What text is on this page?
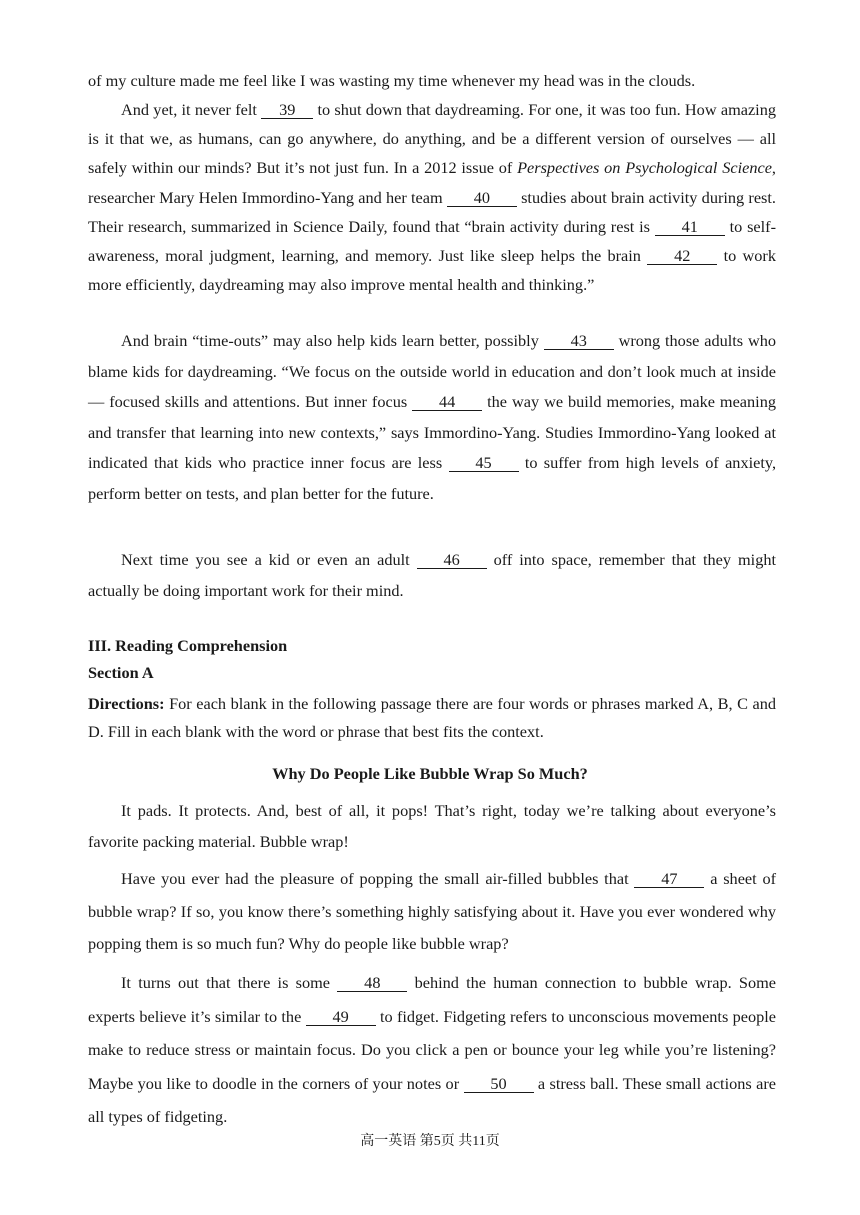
of my culture made me feel like I was wasting my time whenever my head was in the clouds.

And yet, it never felt 39 to shut down that daydreaming. For one, it was too fun. How amazing is it that we, as humans, can go anywhere, do anything, and be a different version of ourselves — all safely within our minds? But it’s not just fun. In a 2012 issue of Perspectives on Psychological Science, researcher Mary Helen Immordino-Yang and her team 40 studies about brain activity during rest. Their research, summarized in Science Daily, found that “brain activity during rest is 41 to self-awareness, moral judgment, learning, and memory. Just like sleep helps the brain 42 to work more efficiently, daydreaming may also improve mental health and thinking.”

And brain “time-outs” may also help kids learn better, possibly 43 wrong those adults who blame kids for daydreaming. “We focus on the outside world in education and don’t look much at inside — focused skills and attentions. But inner focus 44 the way we build memories, make meaning and transfer that learning into new contexts,” says Immordino-Yang. Studies Immordino-Yang looked at indicated that kids who practice inner focus are less 45 to suffer from high levels of anxiety, perform better on tests, and plan better for the future.

Next time you see a kid or even an adult 46 off into space, remember that they might actually be doing important work for their mind.

III. Reading Comprehension

Section A

Directions: For each blank in the following passage there are four words or phrases marked A, B, C and D. Fill in each blank with the word or phrase that best fits the context.

Why Do People Like Bubble Wrap So Much?

It pads. It protects. And, best of all, it pops! That’s right, today we’re talking about everyone’s favorite packing material. Bubble wrap!

Have you ever had the pleasure of popping the small air-filled bubbles that 47 a sheet of bubble wrap? If so, you know there’s something highly satisfying about it. Have you ever wondered why popping them is so much fun? Why do people like bubble wrap?

It turns out that there is some 48 behind the human connection to bubble wrap. Some experts believe it’s similar to the 49 to fidget. Fidgeting refers to unconscious movements people make to reduce stress or maintain focus. Do you click a pen or bounce your leg while you’re listening? Maybe you like to doodle in the corners of your notes or 50 a stress ball. These small actions are all types of fidgeting.

高一英语 第5页 共11页
